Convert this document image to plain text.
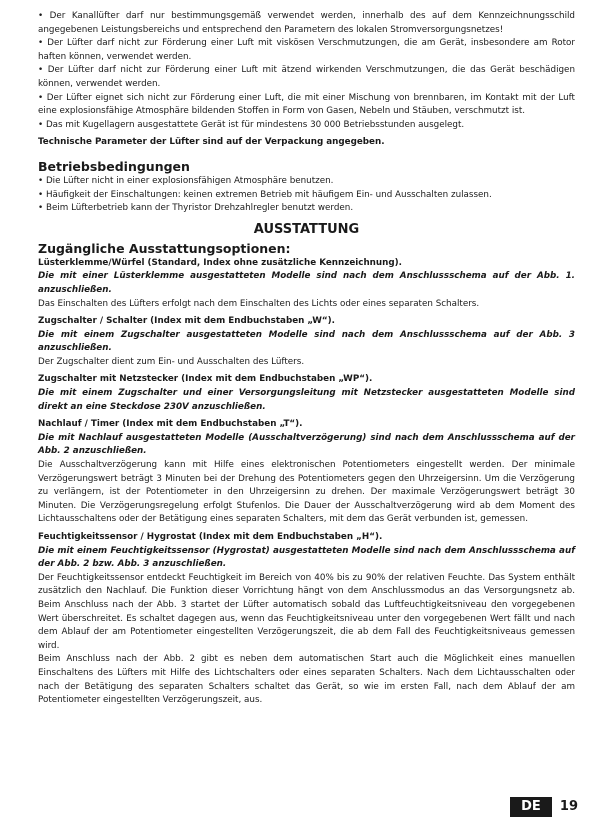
• Der Kanallüfter darf nur bestimmungsgemäß verwendet werden, innerhalb des auf dem Kennzeichnungsschild angegebenen Leistungsbereichs und entsprechend den Parametern des lokalen Stromversorgungsnetzes!

• Der Lüfter darf nicht zur Förderung einer Luft mit viskösen Verschmutzungen, die am Gerät, insbesondere am Rotor haften können, verwendet werden.

• Der Lüfter darf nicht zur Förderung einer Luft mit ätzend wirkenden Verschmutzungen, die das Gerät beschädigen können, verwendet werden.

• Der Lüfter eignet sich nicht zur Förderung einer Luft, die mit einer Mischung von brennbaren, im Kontakt mit der Luft eine explosionsfähige Atmosphäre bildenden Stoffen in Form von Gasen, Nebeln und Stäuben, verschmutzt ist.

• Das mit Kugellagern ausgestattete Gerät ist für mindestens 30 000 Betriebsstunden ausgelegt.

Technische Parameter der Lüfter sind auf der Verpackung angegeben.

Betriebsbedingungen

• Die Lüfter nicht in einer explosionsfähigen Atmosphäre benutzen.

• Häufigkeit der Einschaltungen: keinen extremen Betrieb mit häufigem Ein- und Ausschalten zulassen.

• Beim Lüfterbetrieb kann der Thyristor Drehzahlregler benutzt werden.

AUSSTATTUNG
Zugängliche Ausstattungsoptionen:

Lüsterklemme/Würfel (Standard, Index ohne zusätzliche Kennzeichnung).

Die mit einer Lüsterklemme ausgestatteten Modelle sind nach dem Anschlussschema auf der Abb. 1. anzuschließen.

Das Einschalten des Lüfters erfolgt nach dem Einschalten des Lichts oder eines separaten Schalters.

Zugschalter / Schalter (Index mit dem Endbuchstaben „W“).

Die mit einem Zugschalter ausgestatteten Modelle sind nach dem Anschlussschema auf der Abb. 3 anzuschließen.

Der Zugschalter dient zum Ein- und Ausschalten des Lüfters.

Zugschalter mit Netzstecker (Index mit dem Endbuchstaben „WP“).

Die mit einem Zugschalter und einer Versorgungsleitung mit Netzstecker ausgestatteten Modelle sind direkt an eine Steckdose 230V anzuschließen.

Nachlauf / Timer (Index mit dem Endbuchstaben „T“).

Die mit Nachlauf ausgestatteten Modelle (Ausschaltverzögerung) sind nach dem Anschlussschema auf der Abb. 2 anzuschließen.

Die Ausschaltverzögerung kann mit Hilfe eines elektronischen Potentiometers eingestellt werden. Der minimale Verzögerungswert beträgt 3 Minuten bei der Drehung des Potentiometers gegen den Uhrzeigersinn. Um die Verzögerung zu verlängern, ist der Potentiometer in den Uhrzeigersinn zu drehen. Der maximale Verzögerungswert beträgt 30 Minuten. Die Verzögerungsregelung erfolgt Stufenlos. Die Dauer der Ausschaltverzögerung wird ab dem Moment des Lichtausschaltens oder der Betätigung eines separaten Schalters, mit dem das Gerät verbunden ist, gemessen.

Feuchtigkeitssensor / Hygrostat (Index mit dem Endbuchstaben „H“).

Die mit einem Feuchtigkeitssensor (Hygrostat) ausgestatteten Modelle sind nach dem Anschlussschema auf der Abb. 2 bzw. Abb. 3 anzuschließen.

Der Feuchtigkeitssensor entdeckt Feuchtigkeit im Bereich von 40% bis zu 90% der relativen Feuchte. Das System enthält zusätzlich den Nachlauf. Die Funktion dieser Vorrichtung hängt von dem Anschlussmodus an das Versorgungsnetz ab. Beim Anschluss nach der Abb. 3 startet der Lüfter automatisch sobald das Luftfeuchtigkeitsniveau den vorgegebenen Wert überschreitet. Es schaltet dagegen aus, wenn das Feuchtigkeitsniveau unter den vorgegebenen Wert fällt und nach dem Ablauf der am Potentiometer eingestellten Verzögerungszeit, die ab dem Fall des Feuchtigkeitsniveaus gemessen wird.

Beim Anschluss nach der Abb. 2 gibt es neben dem automatischen Start auch die Möglichkeit eines manuellen Einschaltens des Lüfters mit Hilfe des Lichtschalters oder eines separaten Schalters. Nach dem Lichtausschalten oder nach der Betätigung des separaten Schalters schaltet das Gerät, so wie im ersten Fall, nach dem Ablauf der am Potentiometer eingestellten Verzögerungszeit, aus.

DE	19
